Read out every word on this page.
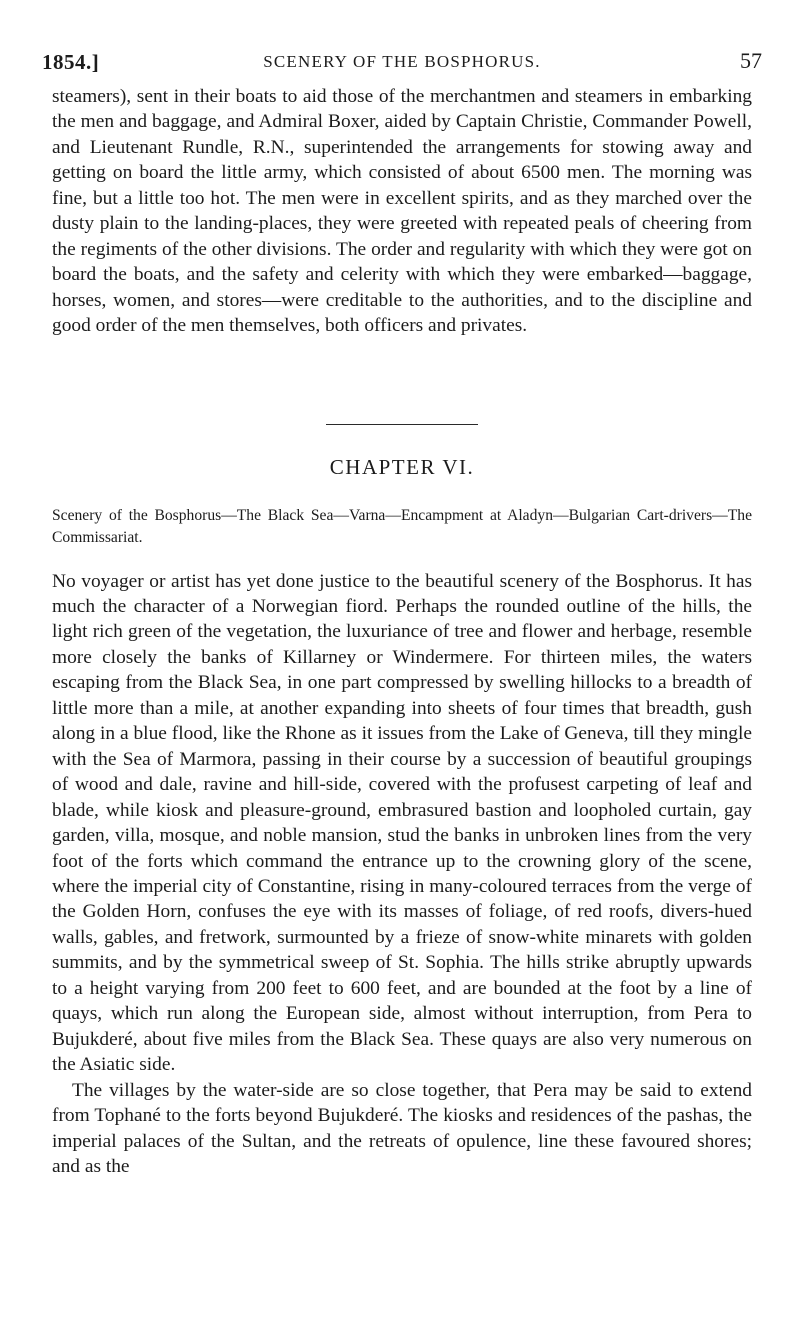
1854.]	SCENERY OF THE BOSPHORUS.	57

steamers), sent in their boats to aid those of the merchantmen and steamers in embarking the men and baggage, and Admiral Boxer, aided by Captain Christie, Commander Powell, and Lieutenant Rundle, R.N., superintended the arrangements for stowing away and getting on board the little army, which consisted of about 6500 men. The morning was fine, but a little too hot. The men were in excellent spirits, and as they marched over the dusty plain to the landing-places, they were greeted with repeated peals of cheering from the regiments of the other divisions. The order and regularity with which they were got on board the boats, and the safety and celerity with which they were embarked—baggage, horses, women, and stores—were creditable to the authorities, and to the discipline and good order of the men themselves, both officers and privates.

CHAPTER VI.

Scenery of the Bosphorus—The Black Sea—Varna—Encampment at Aladyn—Bulgarian Cart-drivers—The Commissariat.

No voyager or artist has yet done justice to the beautiful scenery of the Bosphorus. It has much the character of a Norwegian fiord. Perhaps the rounded outline of the hills, the light rich green of the vegetation, the luxuriance of tree and flower and herbage, resemble more closely the banks of Killarney or Windermere. For thirteen miles, the waters escaping from the Black Sea, in one part compressed by swelling hillocks to a breadth of little more than a mile, at another expanding into sheets of four times that breadth, gush along in a blue flood, like the Rhone as it issues from the Lake of Geneva, till they mingle with the Sea of Marmora, passing in their course by a succession of beautiful groupings of wood and dale, ravine and hill-side, covered with the profusest carpeting of leaf and blade, while kiosk and pleasure-ground, embrasured bastion and loopholed curtain, gay garden, villa, mosque, and noble mansion, stud the banks in unbroken lines from the very foot of the forts which command the entrance up to the crowning glory of the scene, where the imperial city of Constantine, rising in many-coloured terraces from the verge of the Golden Horn, confuses the eye with its masses of foliage, of red roofs, divers-hued walls, gables, and fretwork, surmounted by a frieze of snow-white minarets with golden summits, and by the symmetrical sweep of St. Sophia. The hills strike abruptly upwards to a height varying from 200 feet to 600 feet, and are bounded at the foot by a line of quays, which run along the European side, almost without interruption, from Pera to Bujukderé, about five miles from the Black Sea. These quays are also very numerous on the Asiatic side.

The villages by the water-side are so close together, that Pera may be said to extend from Tophané to the forts beyond Bujukderé. The kiosks and residences of the pashas, the imperial palaces of the Sultan, and the retreats of opulence, line these favoured shores; and as the
